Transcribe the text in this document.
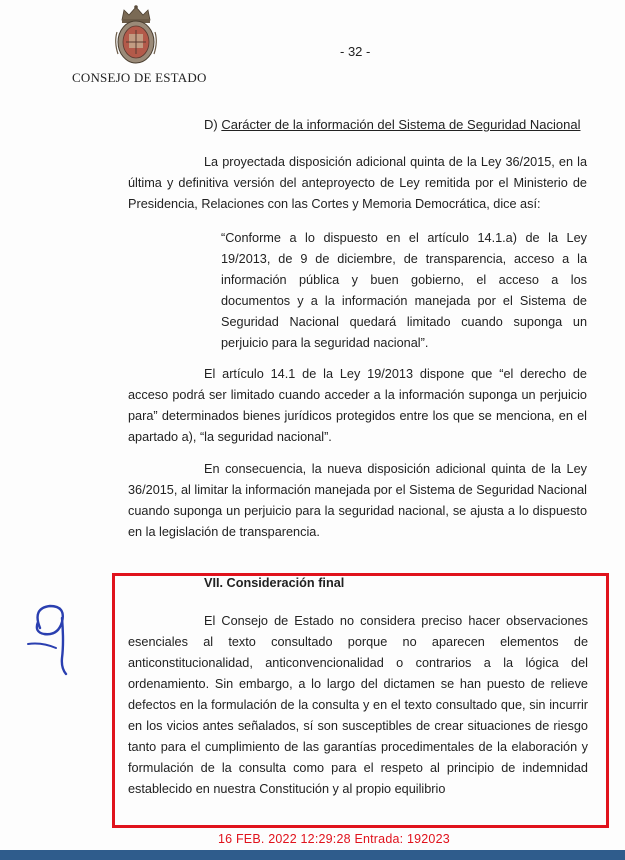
CONSEJO DE ESTADO
- 32 -
D) Carácter de la información del Sistema de Seguridad Nacional
La proyectada disposición adicional quinta de la Ley 36/2015, en la última y definitiva versión del anteproyecto de Ley remitida por el Ministerio de Presidencia, Relaciones con las Cortes y Memoria Democrática, dice así:
“Conforme a lo dispuesto en el artículo 14.1.a) de la Ley 19/2013, de 9 de diciembre, de transparencia, acceso a la información pública y buen gobierno, el acceso a los documentos y a la información manejada por el Sistema de Seguridad Nacional quedará limitado cuando suponga un perjuicio para la seguridad nacional”.
El artículo 14.1 de la Ley 19/2013 dispone que “el derecho de acceso podrá ser limitado cuando acceder a la información suponga un perjuicio para” determinados bienes jurídicos protegidos entre los que se menciona, en el apartado a), “la seguridad nacional”.
En consecuencia, la nueva disposición adicional quinta de la Ley 36/2015, al limitar la información manejada por el Sistema de Seguridad Nacional cuando suponga un perjuicio para la seguridad nacional, se ajusta a lo dispuesto en la legislación de transparencia.
VII. Consideración final
El Consejo de Estado no considera preciso hacer observaciones esenciales al texto consultado porque no aparecen elementos de anticonstitucionalidad, anticonvencionalidad o contrarios a la lógica del ordenamiento. Sin embargo, a lo largo del dictamen se han puesto de relieve defectos en la formulación de la consulta y en el texto consultado que, sin incurrir en los vicios antes señalados, sí son susceptibles de crear situaciones de riesgo tanto para el cumplimiento de las garantías procedimentales de la elaboración y formulación de la consulta como para el respeto al principio de indemnidad establecido en nuestra Constitución y al propio equilibrio
16 FEB. 2022 12:29:28 Entrada: 192023
